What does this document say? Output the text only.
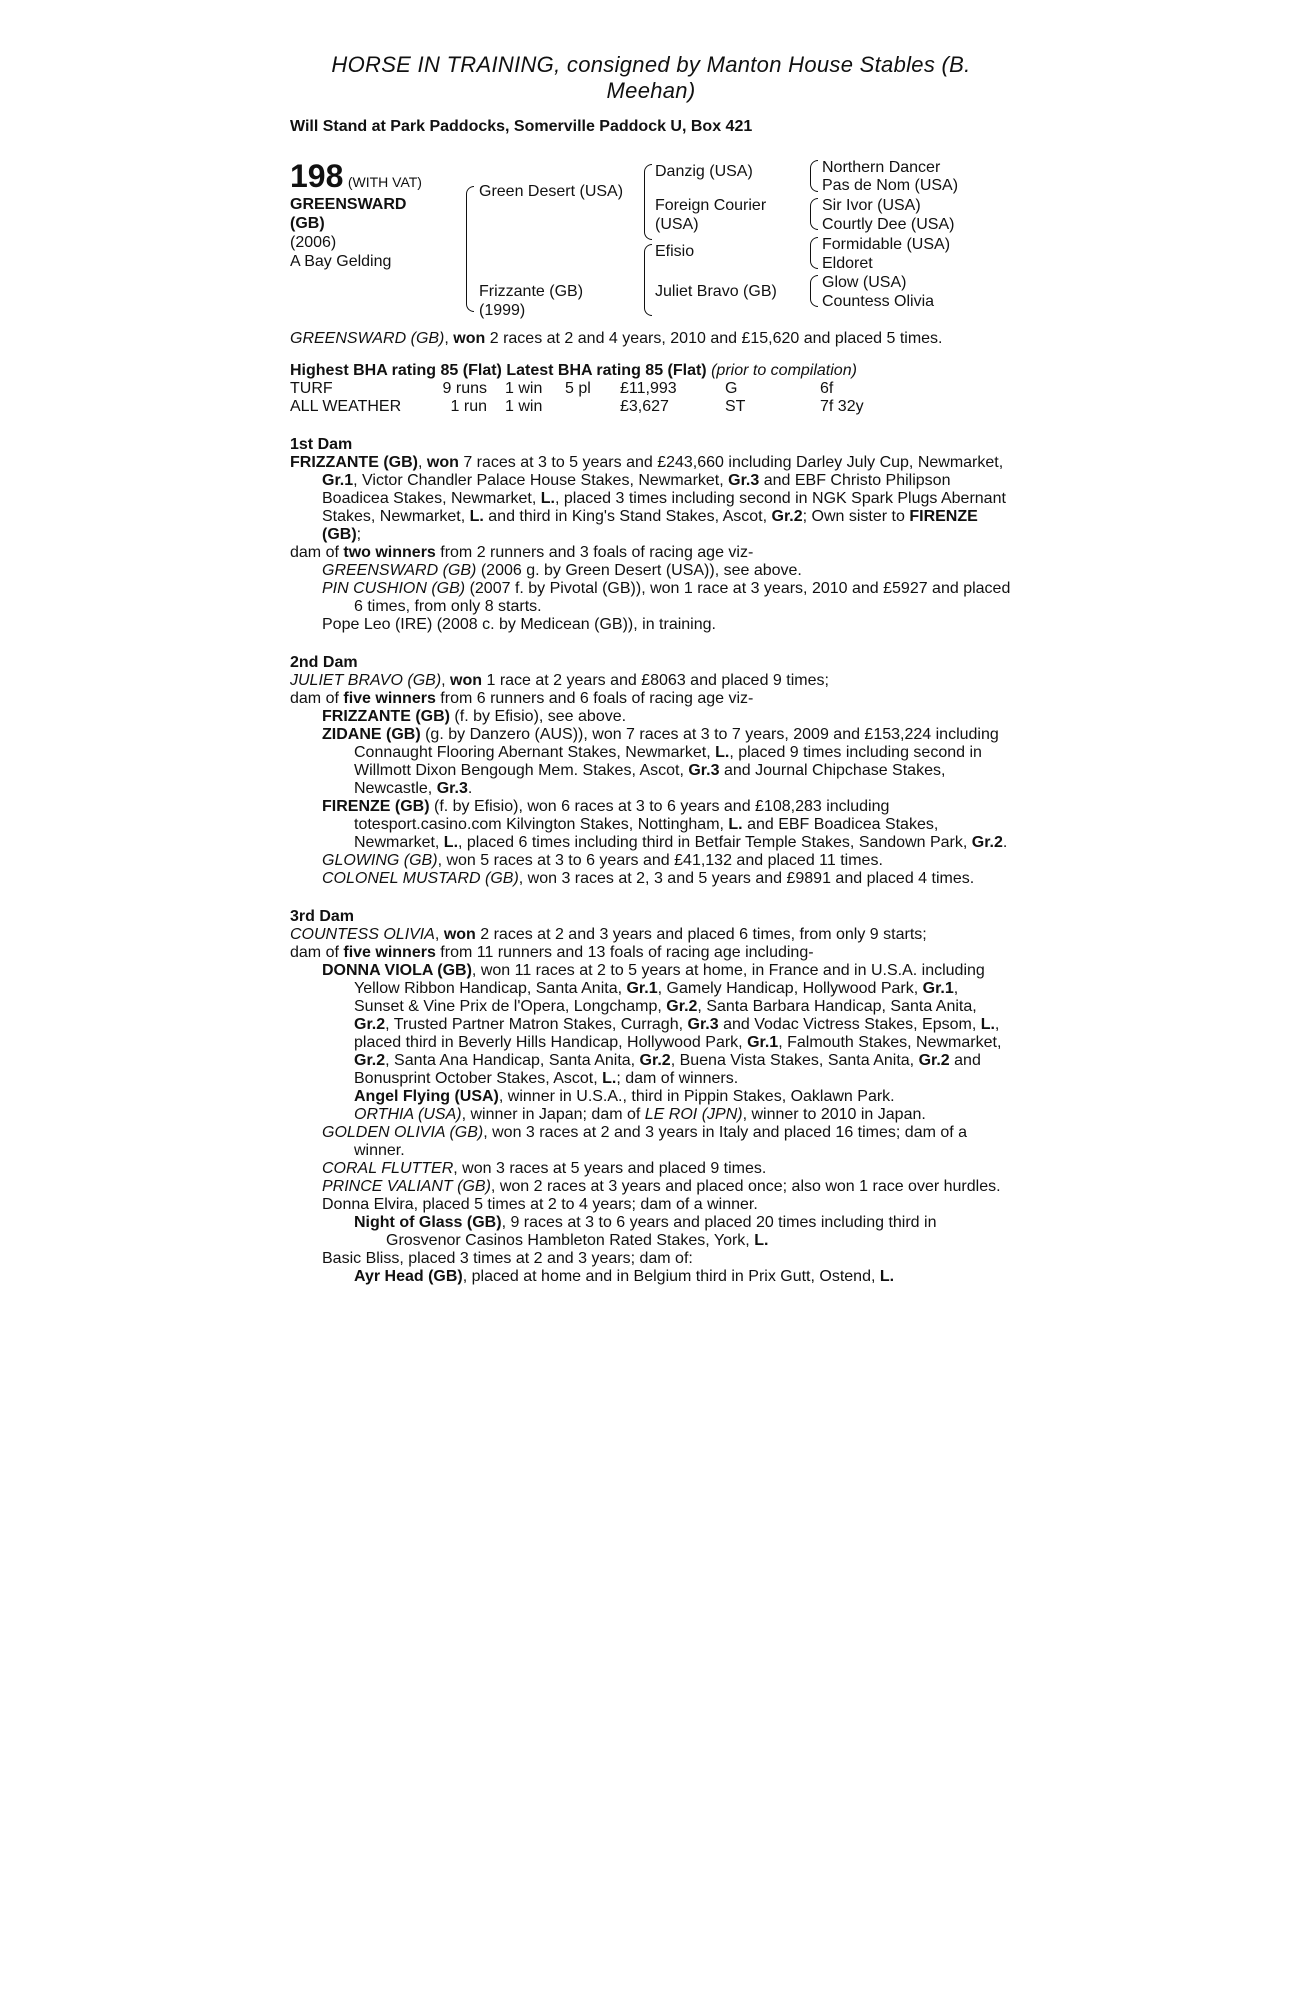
HORSE IN TRAINING, consigned by Manton House Stables (B. Meehan)
Will Stand at Park Paddocks, Somerville Paddock U, Box 421
198 (WITH VAT)
GREENSWARD
(GB)
(2006)
A Bay Gelding
Green Desert (USA)
Frizzante (GB)
(1999)
Danzig (USA)
Foreign Courier
(USA)
Efisio
Juliet Bravo (GB)
Northern Dancer
Pas de Nom (USA)
Sir Ivor (USA)
Courtly Dee (USA)
Formidable (USA)
Eldoret
Glow (USA)
Countess Olivia

GREENSWARD (GB), won 2 races at 2 and 4 years, 2010 and £15,620 and placed 5 times.

Highest BHA rating 85 (Flat) Latest BHA rating 85 (Flat) (prior to compilation)

TURF	9 runs	1 win	5 pl	£11,993	G	6f
ALL WEATHER	1 run	1 win	£3,627	ST	7f 32y

1st Dam

FRIZZANTE (GB), won 7 races at 3 to 5 years and £243,660 including Darley July Cup, Newmarket, Gr.1, Victor Chandler Palace House Stakes, Newmarket, Gr.3 and EBF Christo Philipson Boadicea Stakes, Newmarket, L., placed 3 times including second in NGK Spark Plugs Abernant Stakes, Newmarket, L. and third in King's Stand Stakes, Ascot, Gr.2; Own sister to FIRENZE (GB);

dam of two winners from 2 runners and 3 foals of racing age viz-

GREENSWARD (GB) (2006 g. by Green Desert (USA)), see above.

PIN CUSHION (GB) (2007 f. by Pivotal (GB)), won 1 race at 3 years, 2010 and £5927 and placed 6 times, from only 8 starts.

Pope Leo (IRE) (2008 c. by Medicean (GB)), in training.

2nd Dam

JULIET BRAVO (GB), won 1 race at 2 years and £8063 and placed 9 times;

dam of five winners from 6 runners and 6 foals of racing age viz-

FRIZZANTE (GB) (f. by Efisio), see above.

ZIDANE (GB) (g. by Danzero (AUS)), won 7 races at 3 to 7 years, 2009 and £153,224 including Connaught Flooring Abernant Stakes, Newmarket, L., placed 9 times including second in Willmott Dixon Bengough Mem. Stakes, Ascot, Gr.3 and Journal Chipchase Stakes, Newcastle, Gr.3.

FIRENZE (GB) (f. by Efisio), won 6 races at 3 to 6 years and £108,283 including totesport.casino.com Kilvington Stakes, Nottingham, L. and EBF Boadicea Stakes, Newmarket, L., placed 6 times including third in Betfair Temple Stakes, Sandown Park, Gr.2.

GLOWING (GB), won 5 races at 3 to 6 years and £41,132 and placed 11 times.

COLONEL MUSTARD (GB), won 3 races at 2, 3 and 5 years and £9891 and placed 4 times.

3rd Dam

COUNTESS OLIVIA, won 2 races at 2 and 3 years and placed 6 times, from only 9 starts;

dam of five winners from 11 runners and 13 foals of racing age including-

DONNA VIOLA (GB), won 11 races at 2 to 5 years at home, in France and in U.S.A. including Yellow Ribbon Handicap, Santa Anita, Gr.1, Gamely Handicap, Hollywood Park, Gr.1, Sunset & Vine Prix de l'Opera, Longchamp, Gr.2, Santa Barbara Handicap, Santa Anita, Gr.2, Trusted Partner Matron Stakes, Curragh, Gr.3 and Vodac Victress Stakes, Epsom, L., placed third in Beverly Hills Handicap, Hollywood Park, Gr.1, Falmouth Stakes, Newmarket, Gr.2, Santa Ana Handicap, Santa Anita, Gr.2, Buena Vista Stakes, Santa Anita, Gr.2 and Bonusprint October Stakes, Ascot, L.; dam of winners.

Angel Flying (USA), winner in U.S.A., third in Pippin Stakes, Oaklawn Park.

ORTHIA (USA), winner in Japan; dam of LE ROI (JPN), winner to 2010 in Japan.

GOLDEN OLIVIA (GB), won 3 races at 2 and 3 years in Italy and placed 16 times; dam of a winner.

CORAL FLUTTER, won 3 races at 5 years and placed 9 times.

PRINCE VALIANT (GB), won 2 races at 3 years and placed once; also won 1 race over hurdles.

Donna Elvira, placed 5 times at 2 to 4 years; dam of a winner.

Night of Glass (GB), 9 races at 3 to 6 years and placed 20 times including third in Grosvenor Casinos Hambleton Rated Stakes, York, L.

Basic Bliss, placed 3 times at 2 and 3 years; dam of:

Ayr Head (GB), placed at home and in Belgium third in Prix Gutt, Ostend, L.
